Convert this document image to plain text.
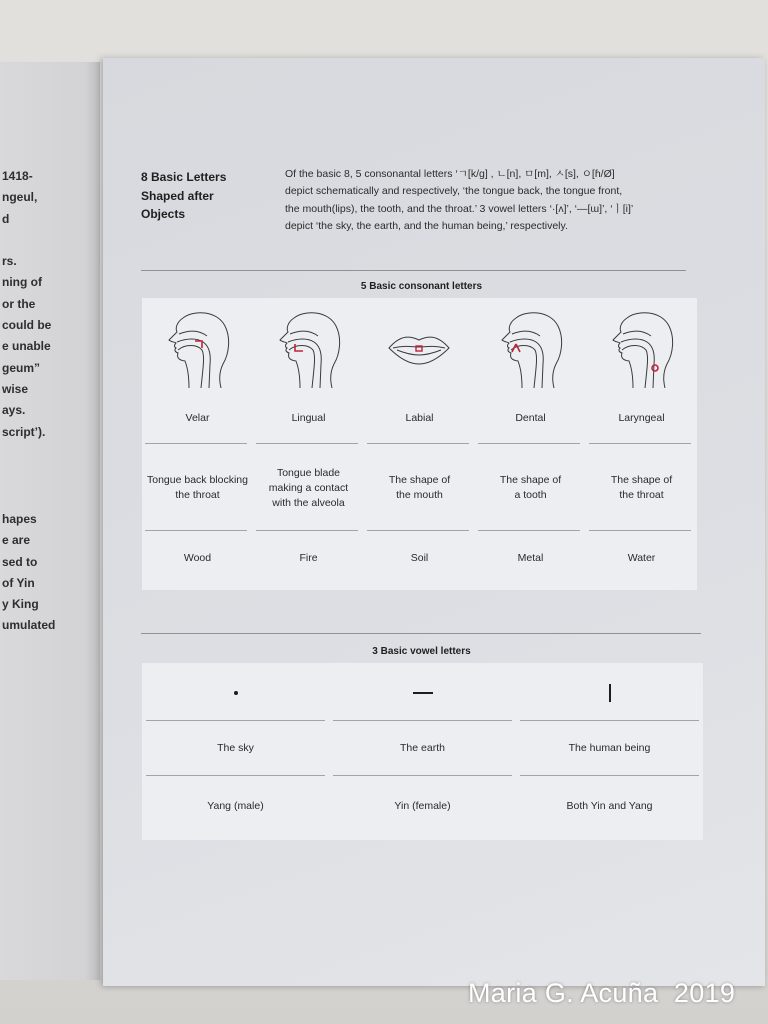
1418-
ngeul,
d
rs.
ning of
or the
could be
e unable
geum”
wise
ays.
script’).
hapes
e are
sed to
of Yin
y King
umulated
8 Basic Letters
Shaped after
Objects
Of the basic 8, 5 consonantal letters ‘ㄱ[k/g] , ㄴ[n], ㅁ[m], ㅅ[s], ㅇ[ɦ/Ø]
depict schematically and respectively, ‘the tongue back, the tongue front,
the mouth(lips), the tooth, and the throat.’ 3 vowel letters ‘·[ʌ]’, ‘—[ɯ]’, ‘ㅣ[i]’
depict ‘the sky, the earth, and the human being,’ respectively.
5 Basic consonant letters
Velar
Tongue back blocking
the throat
Wood
Lingual
Tongue blade
making a contact
with the alveola
Fire
Labial
The shape of
the mouth
Soil
Dental
The shape of
a tooth
Metal
Laryngeal
The shape of
the throat
Water
3 Basic vowel letters
The sky
Yang (male)
The earth
Yin (female)
The human being
Both Yin and Yang
Maria G. Acuña  2019
